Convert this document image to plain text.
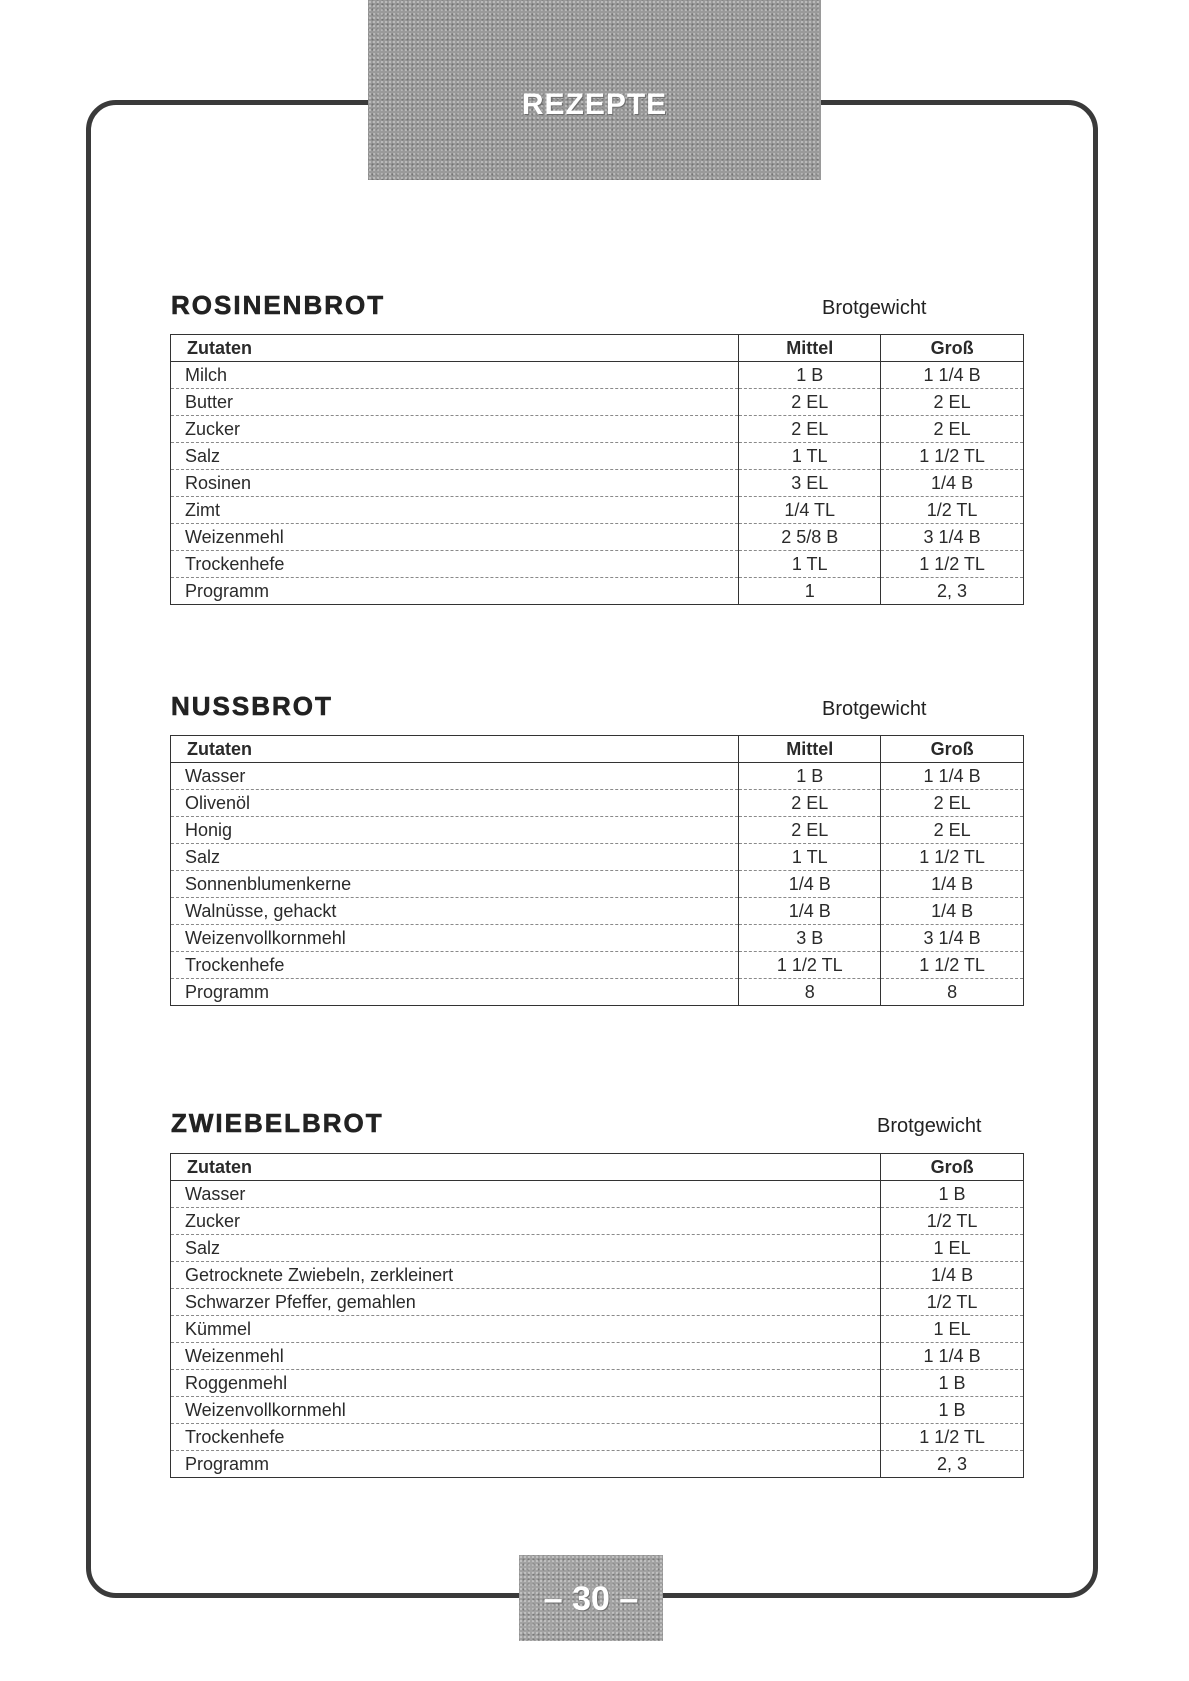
REZEPTE
ROSINENBROT	Brotgewicht
Zutaten	Mittel	Groß
Milch	1 B	1 1/4 B
Butter	2 EL	2 EL
Zucker	2 EL	2 EL
Salz	1 TL	1 1/2 TL
Rosinen	3 EL	1/4 B
Zimt	1/4 TL	1/2 TL
Weizenmehl	2 5/8 B	3 1/4 B
Trockenhefe	1 TL	1 1/2 TL
Programm	1	2, 3
NUSSBROT	Brotgewicht
Zutaten	Mittel	Groß
Wasser	1 B	1 1/4 B
Olivenöl	2 EL	2 EL
Honig	2 EL	2 EL
Salz	1 TL	1 1/2 TL
Sonnenblumenkerne	1/4 B	1/4 B
Walnüsse, gehackt	1/4 B	1/4 B
Weizenvollkornmehl	3 B	3 1/4 B
Trockenhefe	1 1/2 TL	1 1/2 TL
Programm	8	8
ZWIEBELBROT	Brotgewicht
Zutaten	Groß
Wasser	1 B
Zucker	1/2 TL
Salz	1 EL
Getrocknete Zwiebeln, zerkleinert	1/4 B
Schwarzer Pfeffer, gemahlen	1/2 TL
Kümmel	1 EL
Weizenmehl	1 1/4 B
Roggenmehl	1 B
Weizenvollkornmehl	1 B
Trockenhefe	1 1/2 TL
Programm	2, 3
– 30 –
